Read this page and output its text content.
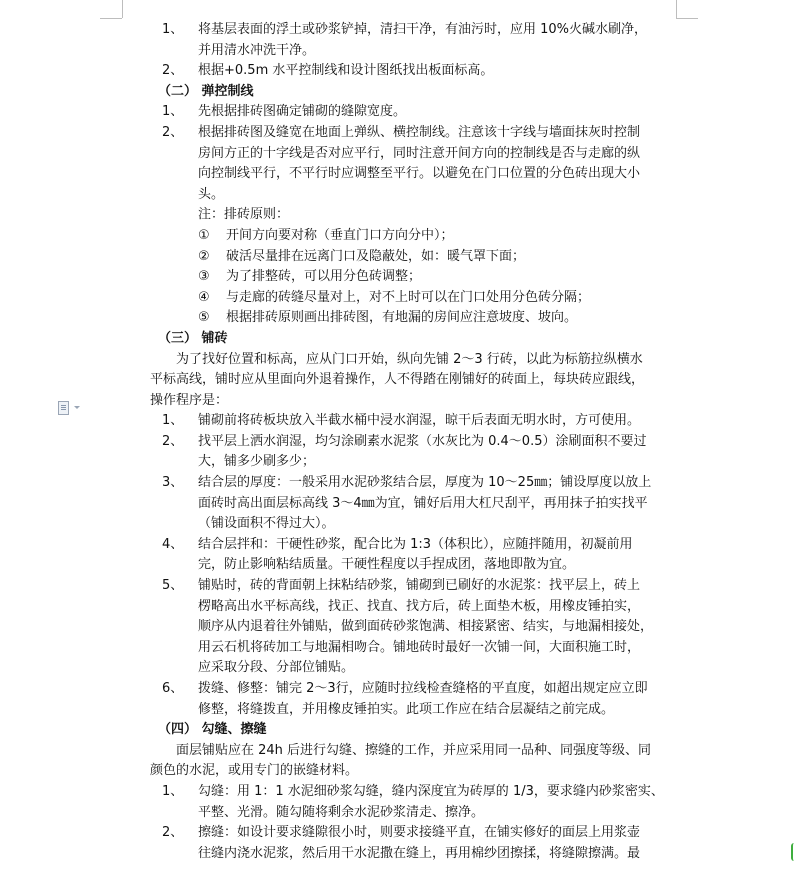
1、 将基层表面的浮土或砂浆铲掉，清扫干净，有油污时，应用 10%火碱水刷净，
并用清水冲洗干净。
2、 根据+0.5m 水平控制线和设计图纸找出板面标高。
（二） 弹控制线
1、 先根据排砖图确定铺砌的缝隙宽度。
2、 根据排砖图及缝宽在地面上弹纵、横控制线。注意该十字线与墙面抹灰时控制
房间方正的十字线是否对应平行，同时注意开间方向的控制线是否与走廊的纵
向控制线平行，不平行时应调整至平行。以避免在门口位置的分色砖出现大小
头。
注：排砖原则：
① 开间方向要对称（垂直门口方向分中）；
② 破活尽量排在远离门口及隐蔽处，如：暖气罩下面；
③ 为了排整砖，可以用分色砖调整；
④ 与走廊的砖缝尽量对上，对不上时可以在门口处用分色砖分隔；
⑤ 根据排砖原则画出排砖图，有地漏的房间应注意坡度、坡向。
（三） 铺砖
为了找好位置和标高，应从门口开始，纵向先铺 2～3 行砖，以此为标筋拉纵横水
平标高线，铺时应从里面向外退着操作，人不得踏在刚铺好的砖面上，每块砖应跟线，
操作程序是：
1、 铺砌前将砖板块放入半截水桶中浸水润湿，晾干后表面无明水时，方可使用。
2、 找平层上洒水润湿，均匀涂刷素水泥浆（水灰比为 0.4～0.5）涂刷面积不要过
大，铺多少刷多少；
3、 结合层的厚度：一般采用水泥砂浆结合层，厚度为 10～25㎜；铺设厚度以放上
面砖时高出面层标高线 3～4㎜为宜，铺好后用大杠尺刮平，再用抹子拍实找平
（铺设面积不得过大）。
4、 结合层拌和：干硬性砂浆，配合比为 1:3（体积比），应随拌随用，初凝前用
完，防止影响粘结质量。干硬性程度以手捏成团，落地即散为宜。
5、 铺贴时，砖的背面朝上抹粘结砂浆，铺砌到已刷好的水泥浆：找平层上，砖上
楞略高出水平标高线，找正、找直、找方后，砖上面垫木板，用橡皮锤拍实，
顺序从内退着往外铺贴，做到面砖砂浆饱满、相接紧密、结实，与地漏相接处，
用云石机将砖加工与地漏相吻合。铺地砖时最好一次铺一间，大面积施工时，
应采取分段、分部位铺贴。
6、 拨缝、修整：铺完 2～3行，应随时拉线检查缝格的平直度，如超出规定应立即
修整，将缝拨直，并用橡皮锤拍实。此项工作应在结合层凝结之前完成。
（四） 勾缝、擦缝
面层铺贴应在 24h 后进行勾缝、擦缝的工作，并应采用同一品种、同强度等级、同
颜色的水泥，或用专门的嵌缝材料。
1、 勾缝：用 1：1 水泥细砂浆勾缝，缝内深度宜为砖厚的 1/3，要求缝内砂浆密实、
平整、光滑。随勾随将剩余水泥砂浆清走、擦净。
2、 擦缝：如设计要求缝隙很小时，则要求接缝平直，在铺实修好的面层上用浆壶
往缝内浇水泥浆，然后用干水泥撒在缝上，再用棉纱团擦揉，将缝隙擦满。最
